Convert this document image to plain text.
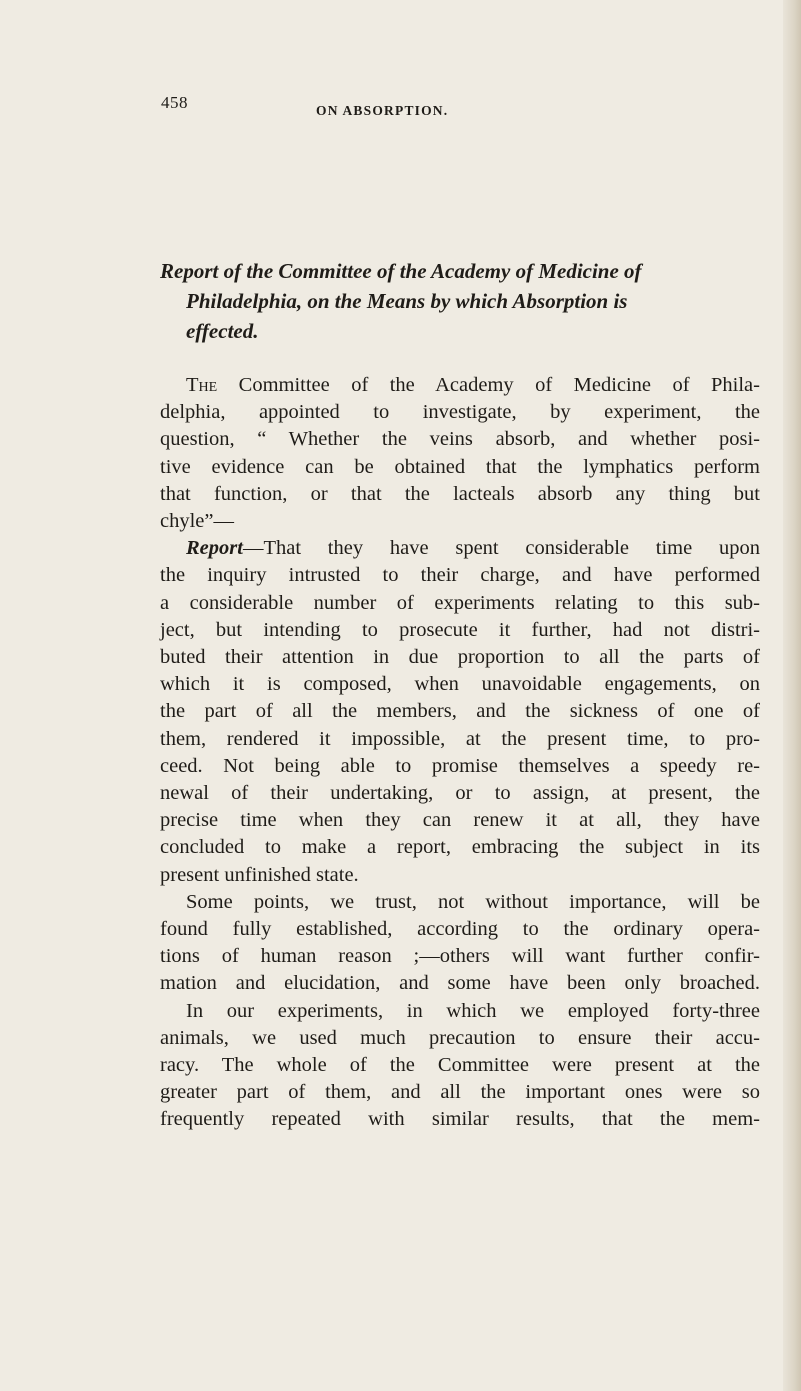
458	ON ABSORPTION.
Report of the Committee of the Academy of Medicine of
Philadelphia, on the Means by which Absorption is
effected.
The Committee of the Academy of Medicine of Phila-
delphia, appointed to investigate, by experiment, the
question, “ Whether the veins absorb, and whether posi-
tive evidence can be obtained that the lymphatics perform
that function, or that the lacteals absorb any thing but
chyle”—
Report—That they have spent considerable time upon
the inquiry intrusted to their charge, and have performed
a considerable number of experiments relating to this sub-
ject, but intending to prosecute it further, had not distri-
buted their attention in due proportion to all the parts of
which it is composed, when unavoidable engagements, on
the part of all the members, and the sickness of one of
them, rendered it impossible, at the present time, to pro-
ceed. Not being able to promise themselves a speedy re-
newal of their undertaking, or to assign, at present, the
precise time when they can renew it at all, they have
concluded to make a report, embracing the subject in its
present unfinished state.
Some points, we trust, not without importance, will be
found fully established, according to the ordinary opera-
tions of human reason ;—others will want further confir-
mation and elucidation, and some have been only broached.
In our experiments, in which we employed forty-three
animals, we used much precaution to ensure their accu-
racy. The whole of the Committee were present at the
greater part of them, and all the important ones were so
frequently repeated with similar results, that the mem-
